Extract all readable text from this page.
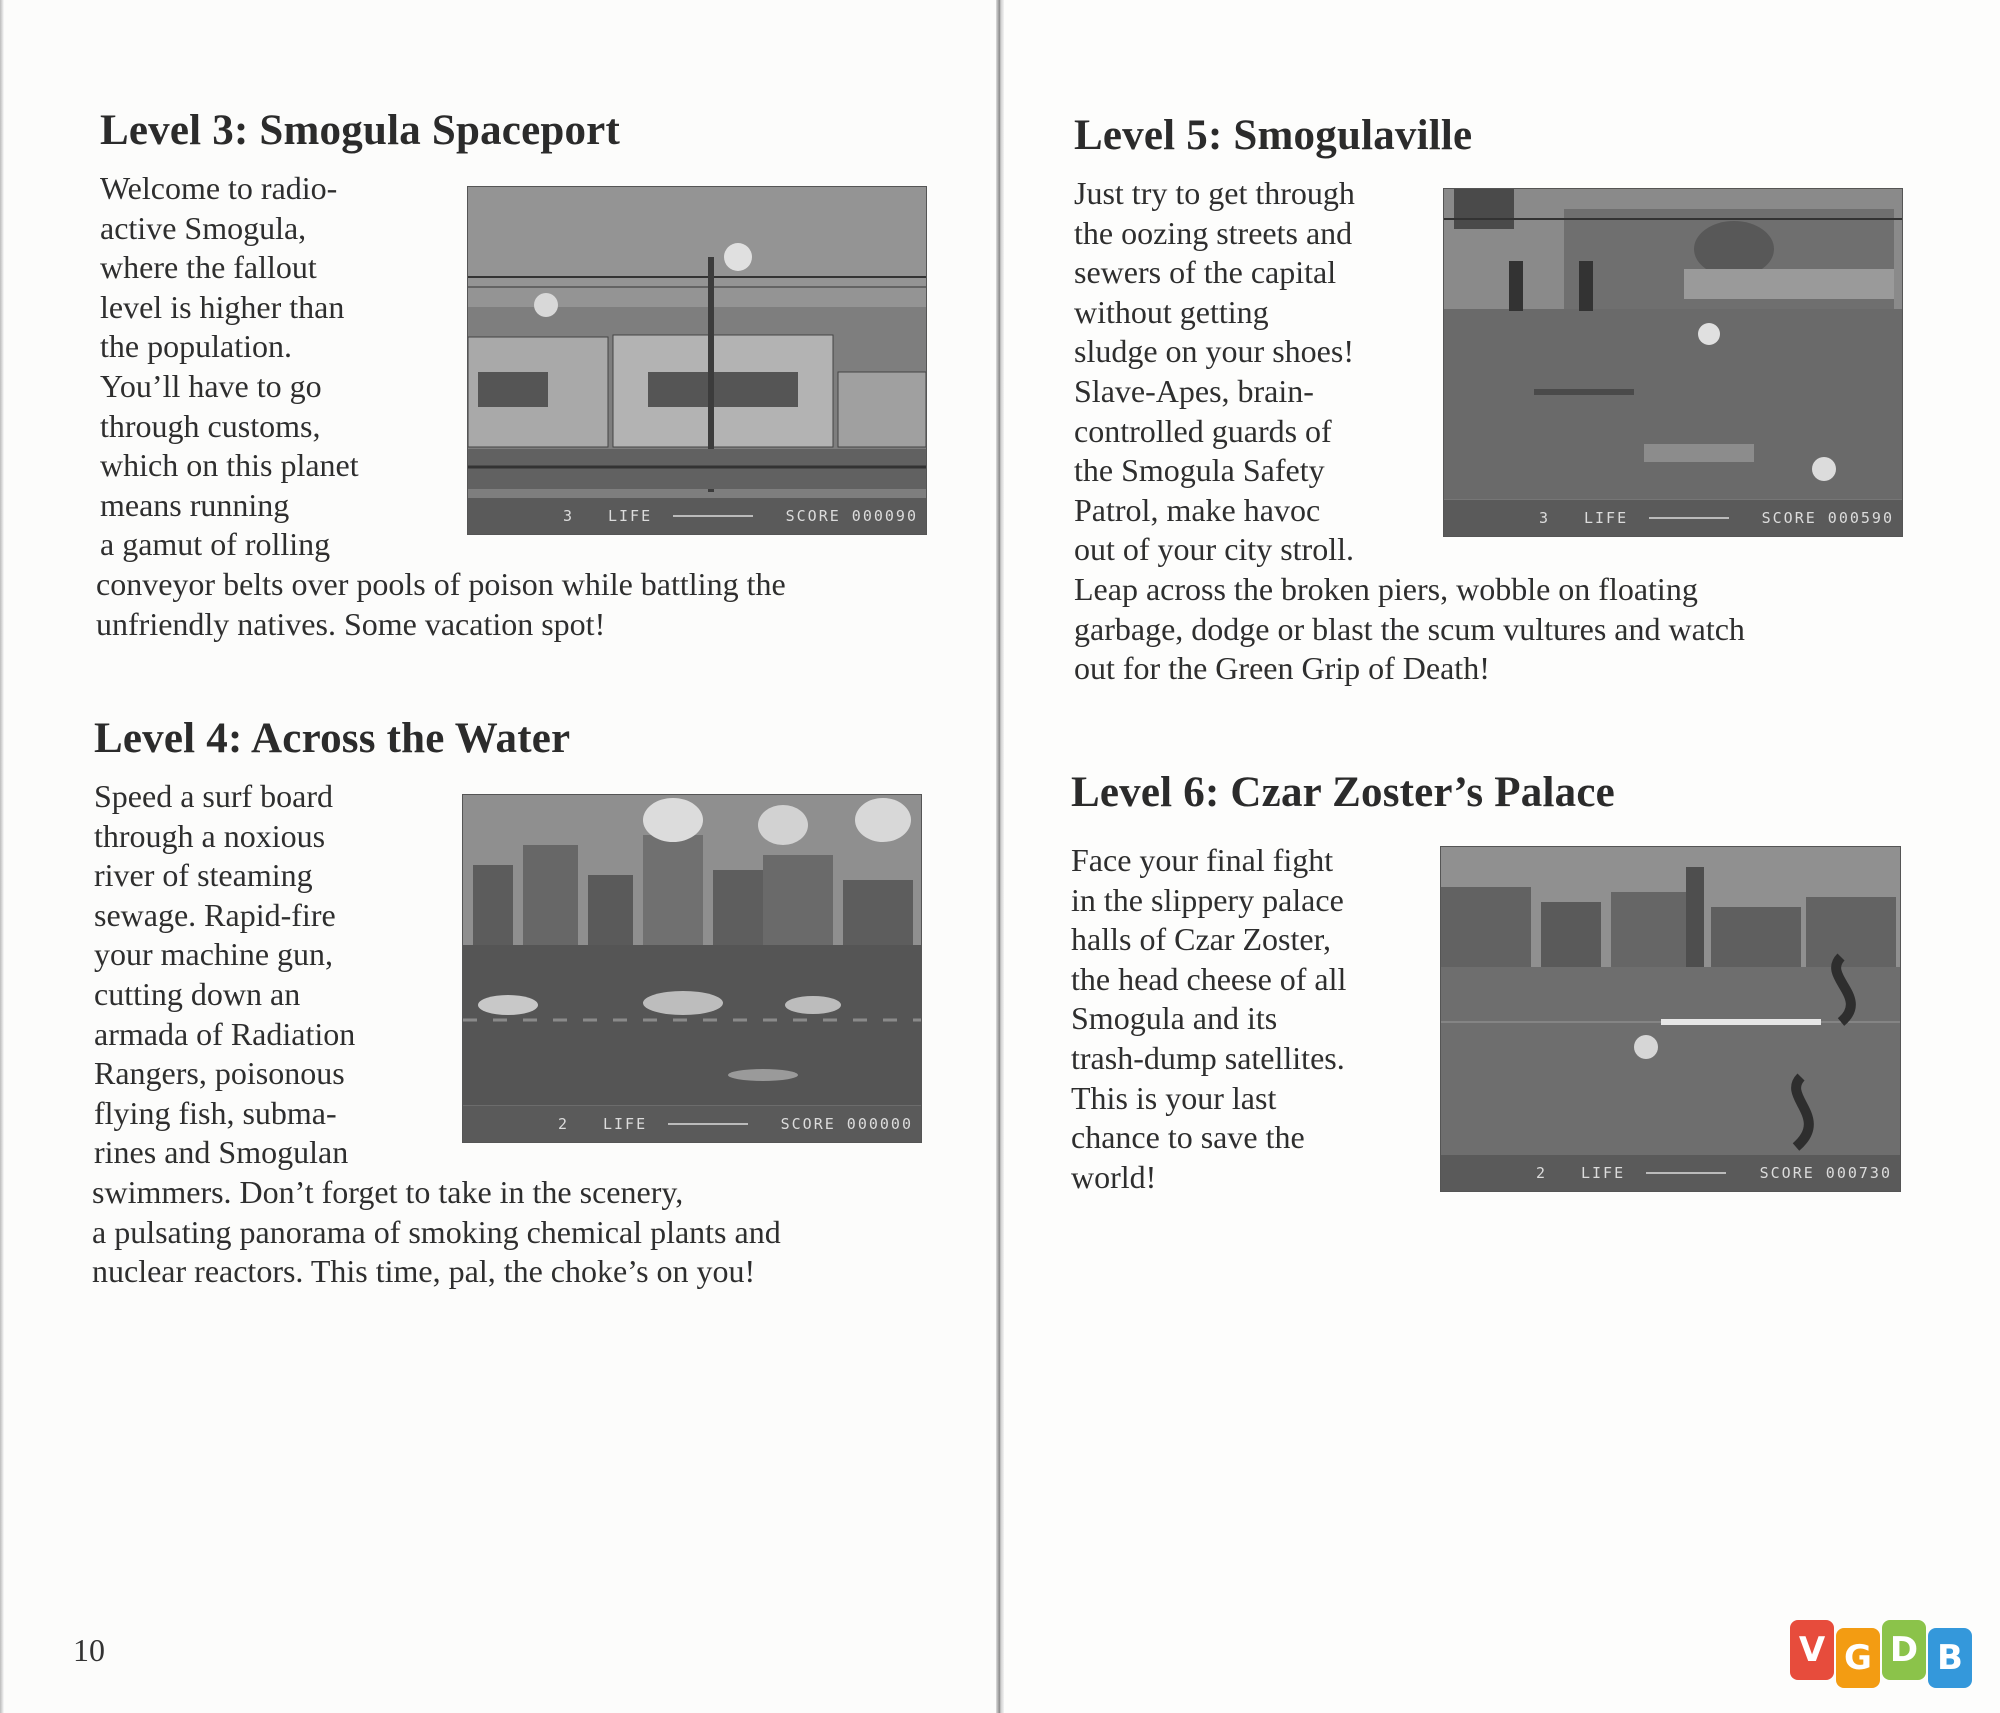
Level 3: Smogula Spaceport
Welcome to radio-
active Smogula,
where the fallout
level is higher than
the population.
You’ll have to go
through customs,
which on this planet
means running
a gamut of rolling
conveyor belts over pools of poison while battling the
unfriendly natives. Some vacation spot!
3 LIFE	SCORE 000090
Level 4: Across the Water
Speed a surf board
through a noxious
river of steaming
sewage. Rapid-fire
your machine gun,
cutting down an
armada of Radiation
Rangers, poisonous
flying fish, subma-
rines and Smogulan
swimmers. Don’t forget to take in the scenery,
a pulsating panorama of smoking chemical plants and
nuclear reactors. This time, pal, the choke’s on you!
2 LIFE	SCORE 000000
Level 5: Smogulaville
Just try to get through
the oozing streets and
sewers of the capital
without getting
sludge on your shoes!
Slave-Apes, brain-
controlled guards of
the Smogula Safety
Patrol, make havoc
out of your city stroll.
Leap across the broken piers, wobble on floating
garbage, dodge or blast the scum vultures and watch
out for the Green Grip of Death!
3 LIFE	SCORE 000590
Level 6: Czar Zoster’s Palace
Face your final fight
in the slippery palace
halls of Czar Zoster,
the head cheese of all
Smogula and its
trash-dump satellites.
This is your last
chance to save the
world!	2 LIFE	SCORE 000730
10	V G D B
